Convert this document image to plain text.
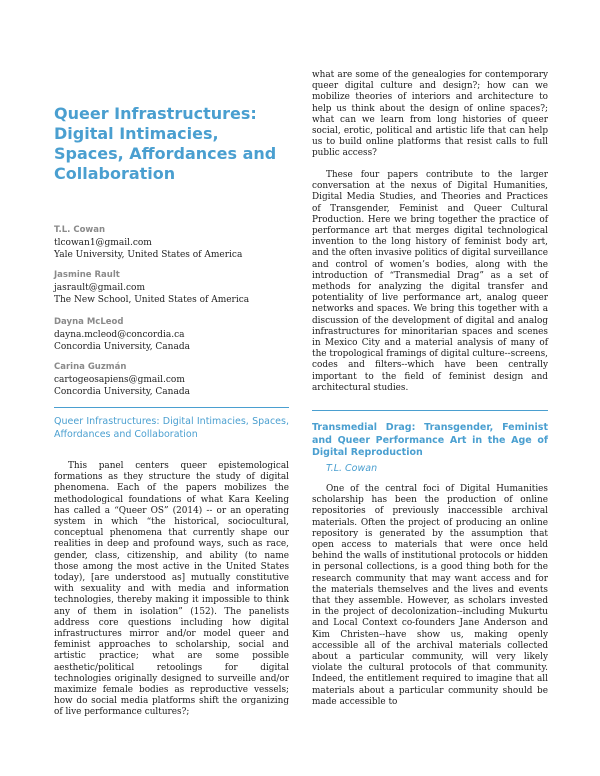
Queer Infrastructures: Digital Intimacies, Spaces, Affordances and Collaboration
T.L. Cowan
tlcowan1@gmail.com
Yale University, United States of America
Jasmine Rault
jasrault@gmail.com
The New School, United States of America
Dayna McLeod
dayna.mcleod@concordia.ca
Concordia University, Canada
Carina Guzmán
cartogeosapiens@gmail.com
Concordia University, Canada
Queer Infrastructures: Digital Intimacies, Spaces, Affordances and Collaboration
This panel centers queer epistemological formations as they structure the study of digital phenomena. Each of the papers mobilizes the methodological foundations of what Kara Keeling has called a “Queer OS” (2014) -- or an operating system in which “the historical, sociocultural, conceptual phenomena that currently shape our realities in deep and profound ways, such as race, gender, class, citizenship, and ability (to name those among the most active in the United States today), [are understood as] mutually constitutive with sexuality and with media and information technologies, thereby making it impossible to think any of them in isolation” (152). The panelists address core questions including how digital infrastructures mirror and/or model queer and feminist approaches to scholarship, social and artistic practice; what are some possible aesthetic/political retoolings for digital technologies originally designed to surveille and/or maximize female bodies as reproductive vessels; how do social media platforms shift the organizing of live performance cultures?;
what are some of the genealogies for contemporary queer digital culture and design?; how can we mobilize theories of interiors and architecture to help us think about the design of online spaces?; what can we learn from long histories of queer social, erotic, political and artistic life that can help us to build online platforms that resist calls to full public access?
These four papers contribute to the larger conversation at the nexus of Digital Humanities, Digital Media Studies, and Theories and Practices of Transgender, Feminist and Queer Cultural Production. Here we bring together the practice of performance art that merges digital technological invention to the long history of feminist body art, and the often invasive politics of digital surveillance and control of women’s bodies, along with the introduction of “Transmedial Drag” as a set of methods for analyzing the digital transfer and potentiality of live performance art, analog queer networks and spaces. We bring this together with a discussion of the development of digital and analog infrastructures for minoritarian spaces and scenes in Mexico City and a material analysis of many of the tropological framings of digital culture--screens, codes and filters--which have been centrally important to the field of feminist design and architectural studies.
Transmedial Drag: Transgender, Feminist and Queer Performance Art in the Age of Digital Reproduction
T.L. Cowan
One of the central foci of Digital Humanities scholarship has been the production of online repositories of previously inaccessible archival materials. Often the project of producing an online repository is generated by the assumption that open access to materials that were once held behind the walls of institutional protocols or hidden in personal collections, is a good thing both for the research community that may want access and for the materials themselves and the lives and events that they assemble. However, as scholars invested in the project of decolonization--including Mukurtu and Local Context co-founders Jane Anderson and Kim Christen--have show us, making openly accessible all of the archival materials collected about a particular community, will very likely violate the cultural protocols of that community. Indeed, the entitlement required to imagine that all materials about a particular community should be made accessible to
